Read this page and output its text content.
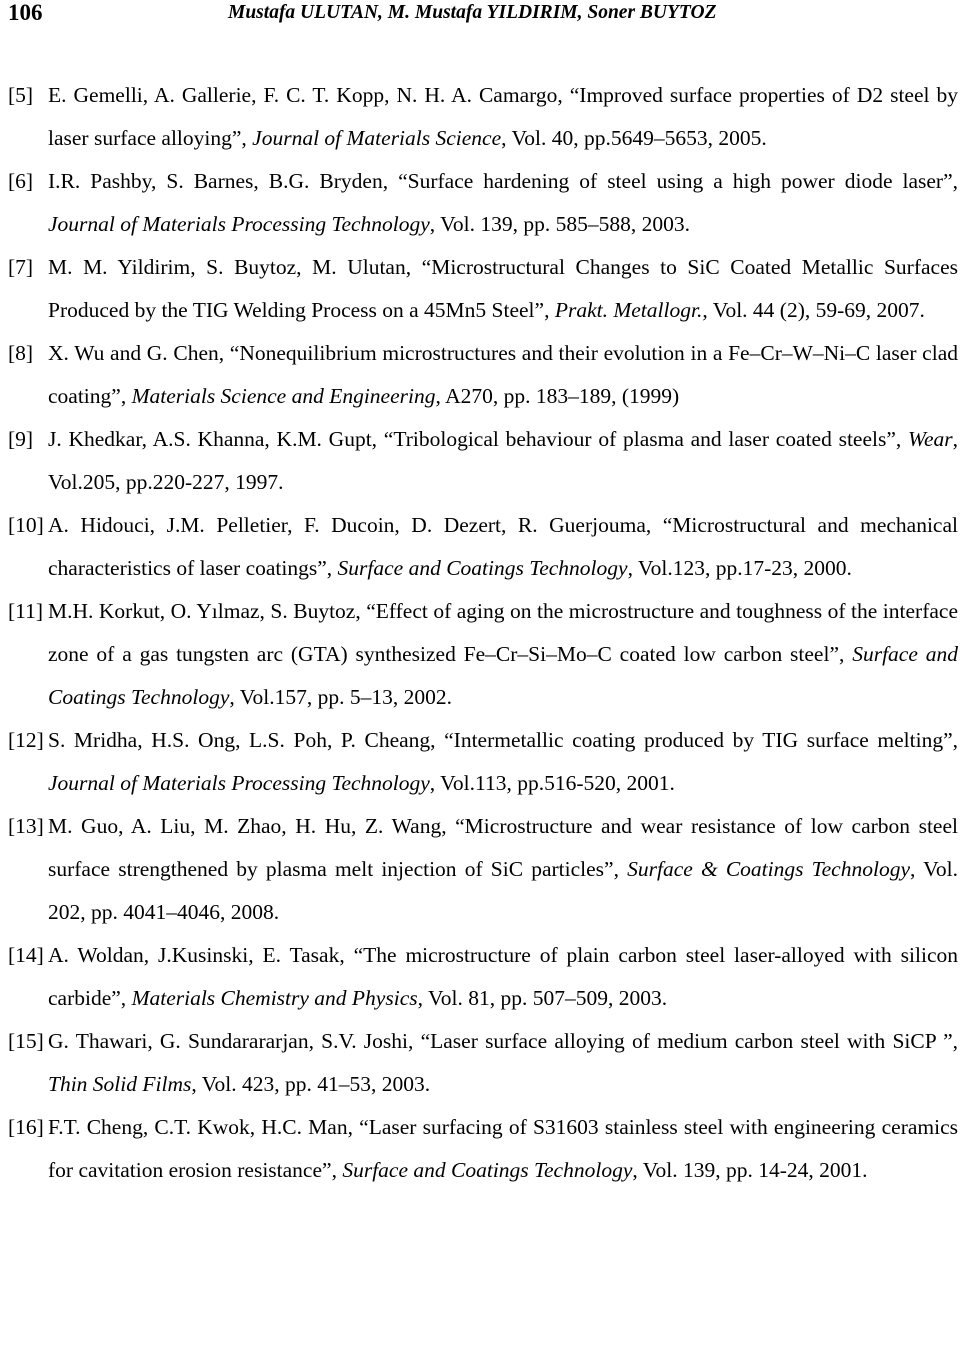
106	Mustafa ULUTAN, M. Mustafa YILDIRIM, Soner BUYTOZ
[5] E. Gemelli, A. Gallerie, F. C. T. Kopp, N. H. A. Camargo, “Improved surface properties of D2 steel by laser surface alloying”, Journal of Materials Science, Vol. 40, pp.5649–5653, 2005.
[6] I.R. Pashby, S. Barnes, B.G. Bryden, “Surface hardening of steel using a high power diode laser”, Journal of Materials Processing Technology, Vol. 139, pp. 585–588, 2003.
[7] M. M. Yildirim, S. Buytoz, M. Ulutan, “Microstructural Changes to SiC Coated Metallic Surfaces Produced by the TIG Welding Process on a 45Mn5 Steel”, Prakt. Metallogr., Vol. 44 (2), 59-69, 2007.
[8] X. Wu and G. Chen, “Nonequilibrium microstructures and their evolution in a Fe–Cr–W–Ni–C laser clad coating”, Materials Science and Engineering, A270, pp. 183–189, (1999)
[9] J. Khedkar, A.S. Khanna, K.M. Gupt, “Tribological behaviour of plasma and laser coated steels”, Wear, Vol.205, pp.220-227, 1997.
[10] A. Hidouci, J.M. Pelletier, F. Ducoin, D. Dezert, R. Guerjouma, “Microstructural and mechanical characteristics of laser coatings”, Surface and Coatings Technology, Vol.123, pp.17-23, 2000.
[11] M.H. Korkut, O. Yılmaz, S. Buytoz, “Effect of aging on the microstructure and toughness of the interface zone of a gas tungsten arc (GTA) synthesized Fe–Cr–Si–Mo–C coated low carbon steel”, Surface and Coatings Technology, Vol.157, pp. 5–13, 2002.
[12] S. Mridha, H.S. Ong, L.S. Poh, P. Cheang, “Intermetallic coating produced by TIG surface melting”, Journal of Materials Processing Technology, Vol.113, pp.516-520, 2001.
[13] M. Guo, A. Liu, M. Zhao, H. Hu, Z. Wang, “Microstructure and wear resistance of low carbon steel surface strengthened by plasma melt injection of SiC particles”, Surface & Coatings Technology, Vol. 202, pp. 4041–4046, 2008.
[14] A. Woldan, J.Kusinski, E. Tasak, “The microstructure of plain carbon steel laser-alloyed with silicon carbide”, Materials Chemistry and Physics, Vol. 81, pp. 507–509, 2003.
[15] G. Thawari, G. Sundarararjan, S.V. Joshi, “Laser surface alloying of medium carbon steel with SiCP ”, Thin Solid Films, Vol. 423, pp. 41–53, 2003.
[16] F.T. Cheng, C.T. Kwok, H.C. Man, “Laser surfacing of S31603 stainless steel with engineering ceramics for cavitation erosion resistance”, Surface and Coatings Technology, Vol. 139, pp. 14-24, 2001.
